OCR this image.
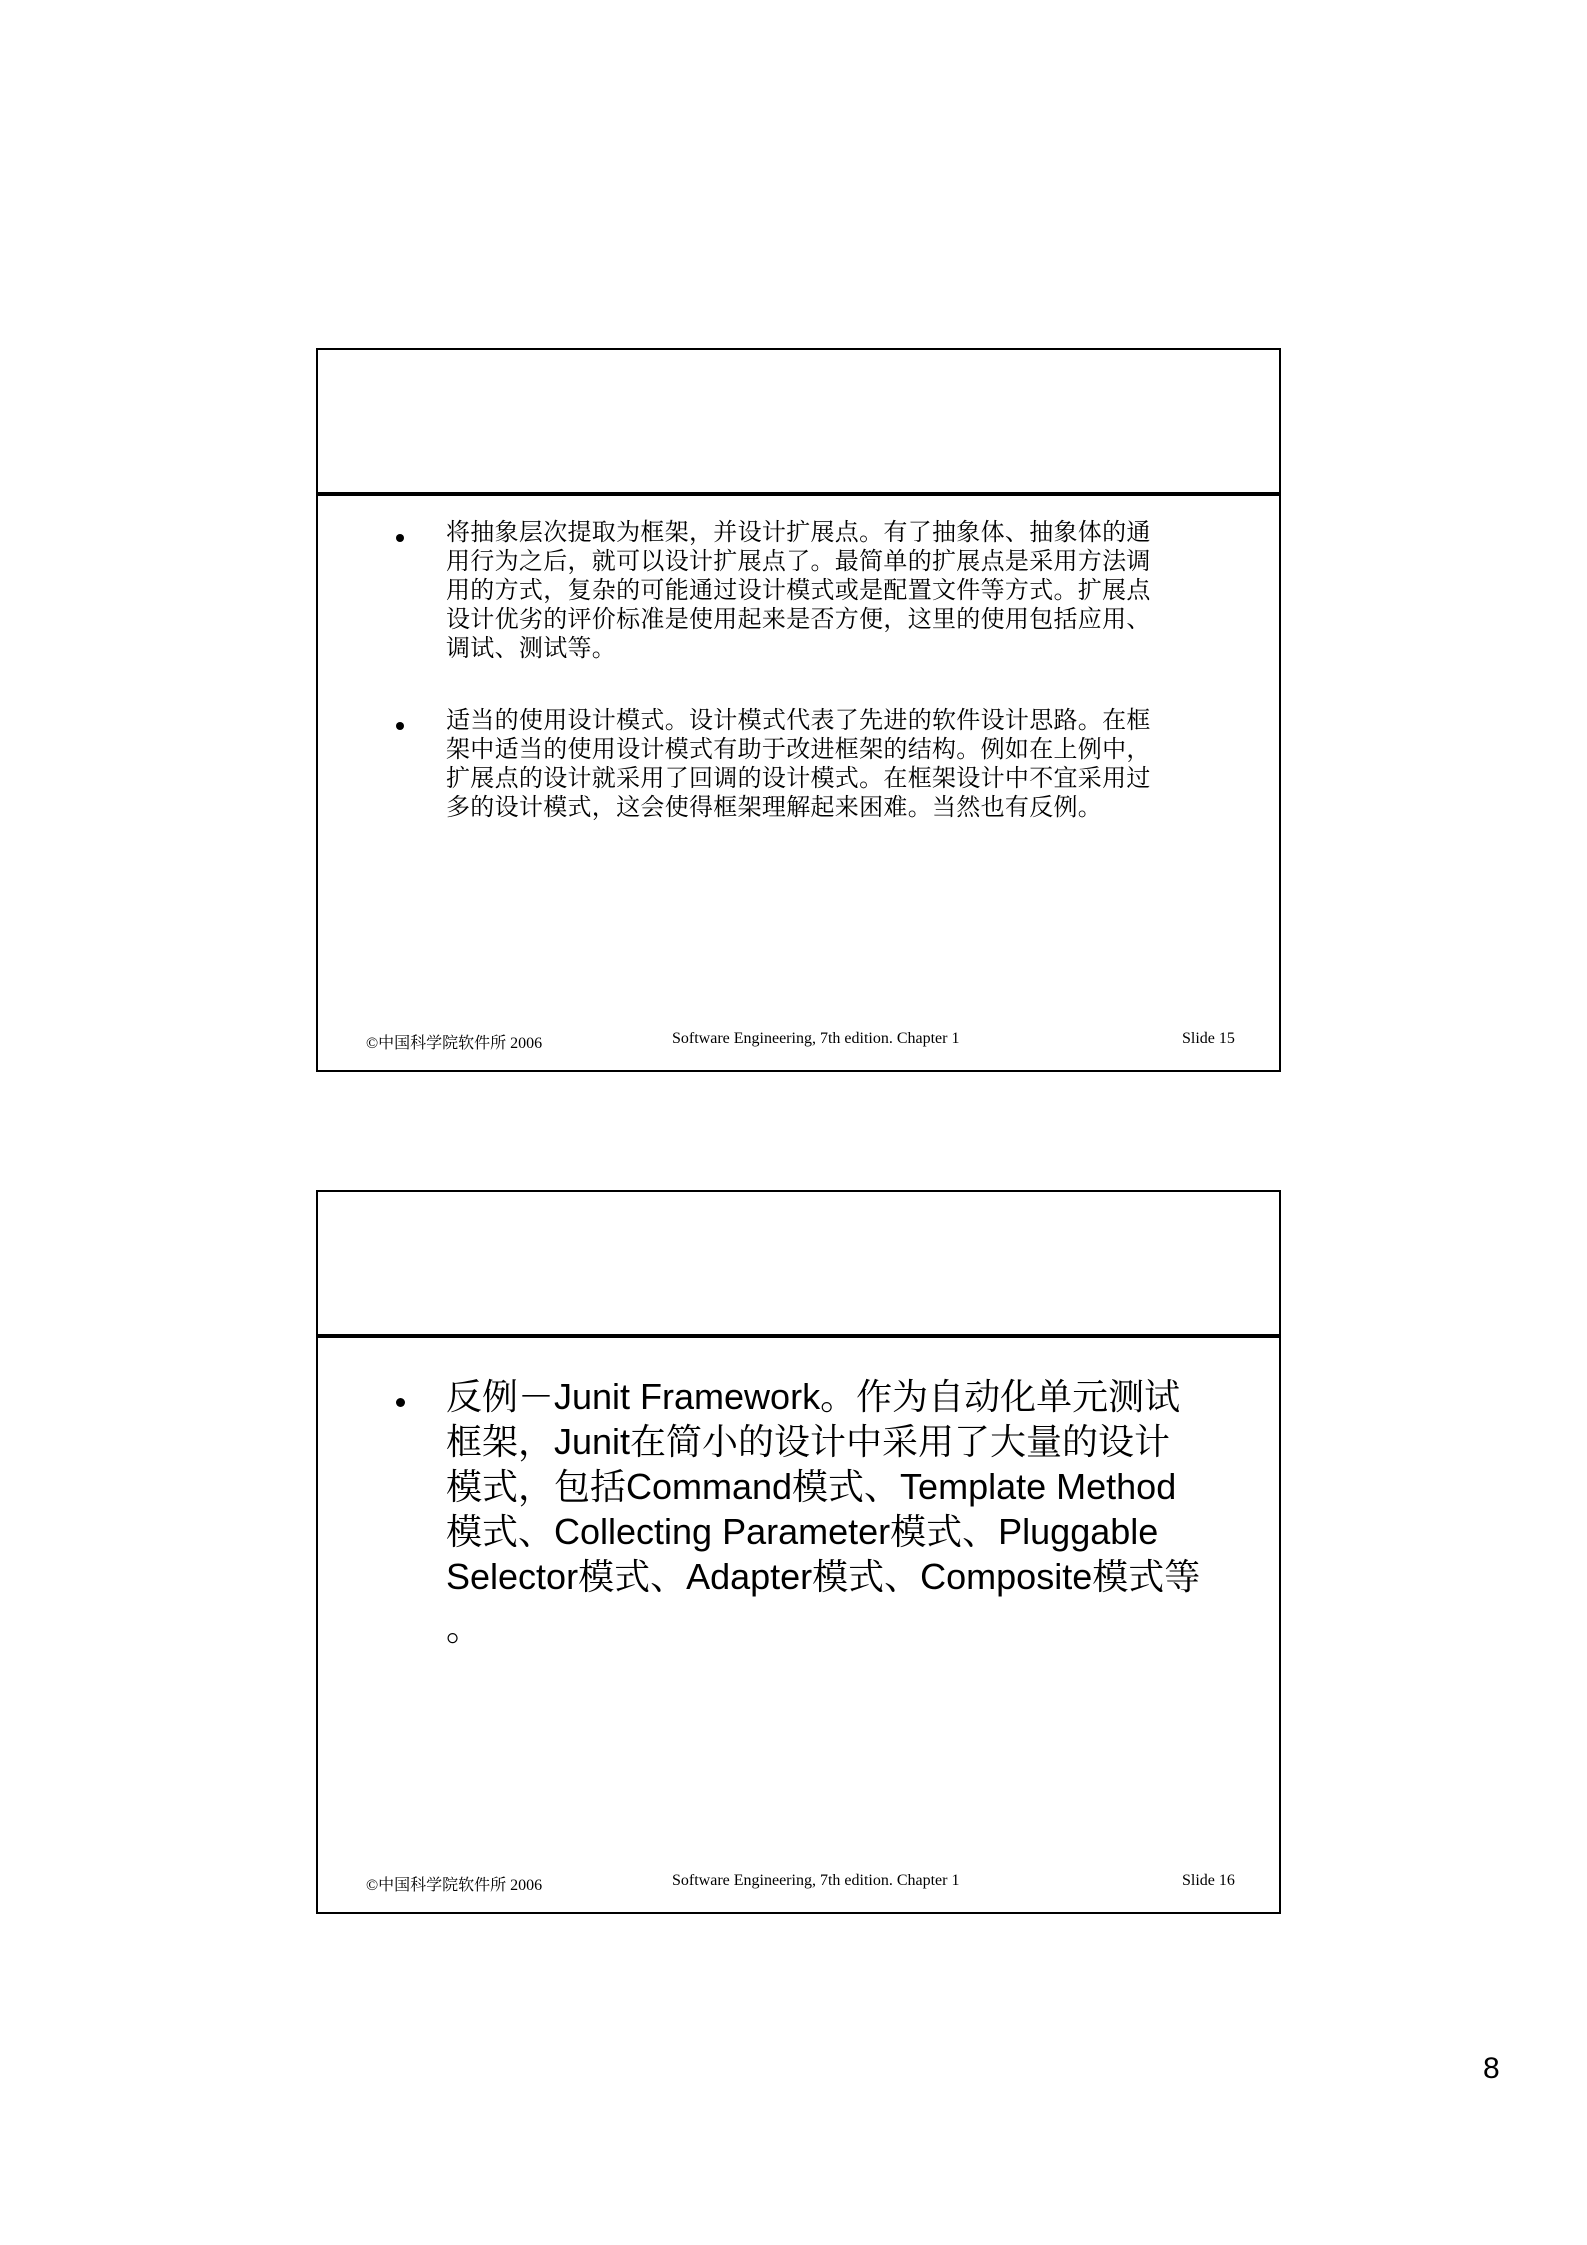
将抽象层次提取为框架，并设计扩展点。有了抽象体、抽象体的通
用行为之后，就可以设计扩展点了。最简单的扩展点是采用方法调
用的方式，复杂的可能通过设计模式或是配置文件等方式。扩展点
设计优劣的评价标准是使用起来是否方便，这里的使用包括应用、
调试、测试等。
适当的使用设计模式。设计模式代表了先进的软件设计思路。在框
架中适当的使用设计模式有助于改进框架的结构。例如在上例中，
扩展点的设计就采用了回调的设计模式。在框架设计中不宜采用过
多的设计模式，这会使得框架理解起来困难。当然也有反例。
©中国科学院软件所 2006	Software Engineering, 7th edition. Chapter 1	Slide 15
反例－Junit Framework。作为自动化单元测试
框架，Junit在简小的设计中采用了大量的设计
模式，包括Command模式、Template Method
模式、Collecting Parameter模式、Pluggable
Selector模式、Adapter模式、Composite模式等
。
©中国科学院软件所 2006	Software Engineering, 7th edition. Chapter 1	Slide 16
8
